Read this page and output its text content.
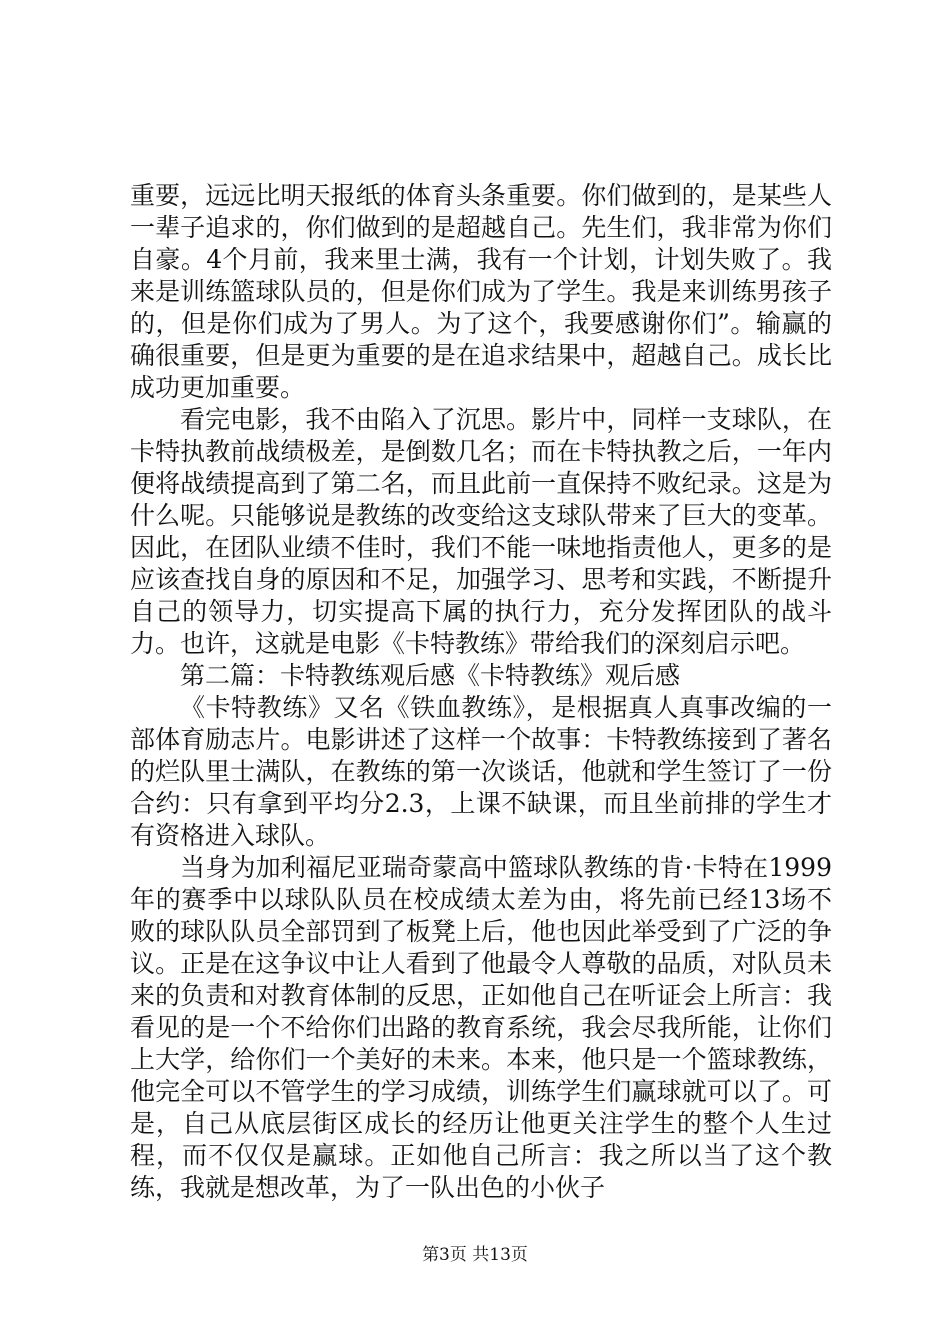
重要，远远比明天报纸的体育头条重要。你们做到的，是某些人一辈子追求的，你们做到的是超越自己。先生们，我非常为你们自豪。4个月前，我来里士满，我有一个计划，计划失败了。我来是训练篮球队员的，但是你们成为了学生。我是来训练男孩子的，但是你们成为了男人。为了这个，我要感谢你们”。输赢的确很重要，但是更为重要的是在追求结果中，超越自己。成长比成功更加重要。

看完电影，我不由陷入了沉思。影片中，同样一支球队，在卡特执教前战绩极差，是倒数几名；而在卡特执教之后，一年内便将战绩提高到了第二名，而且此前一直保持不败纪录。这是为什么呢。只能够说是教练的改变给这支球队带来了巨大的变革。因此，在团队业绩不佳时，我们不能一味地指责他人，更多的是应该查找自身的原因和不足，加强学习、思考和实践，不断提升自己的领导力，切实提高下属的执行力，充分发挥团队的战斗力。也许，这就是电影《卡特教练》带给我们的深刻启示吧。

第二篇：卡特教练观后感《卡特教练》观后感

《卡特教练》又名《铁血教练》，是根据真人真事改编的一部体育励志片。电影讲述了这样一个故事：卡特教练接到了著名的烂队里士满队，在教练的第一次谈话，他就和学生签订了一份合约：只有拿到平均分2.3，上课不缺课，而且坐前排的学生才有资格进入球队。

当身为加利福尼亚瑞奇蒙高中篮球队教练的肯·卡特在1999年的赛季中以球队队员在校成绩太差为由，将先前已经13场不败的球队队员全部罚到了板凳上后，他也因此举受到了广泛的争议。正是在这争议中让人看到了他最令人尊敬的品质，对队员未来的负责和对教育体制的反思，正如他自己在听证会上所言：我看见的是一个不给你们出路的教育系统，我会尽我所能，让你们上大学，给你们一个美好的未来。本来，他只是一个篮球教练，他完全可以不管学生的学习成绩，训练学生们赢球就可以了。可是，自己从底层街区成长的经历让他更关注学生的整个人生过程，而不仅仅是赢球。正如他自己所言：我之所以当了这个教练，我就是想改革，为了一队出色的小伙子

第3页 共13页
